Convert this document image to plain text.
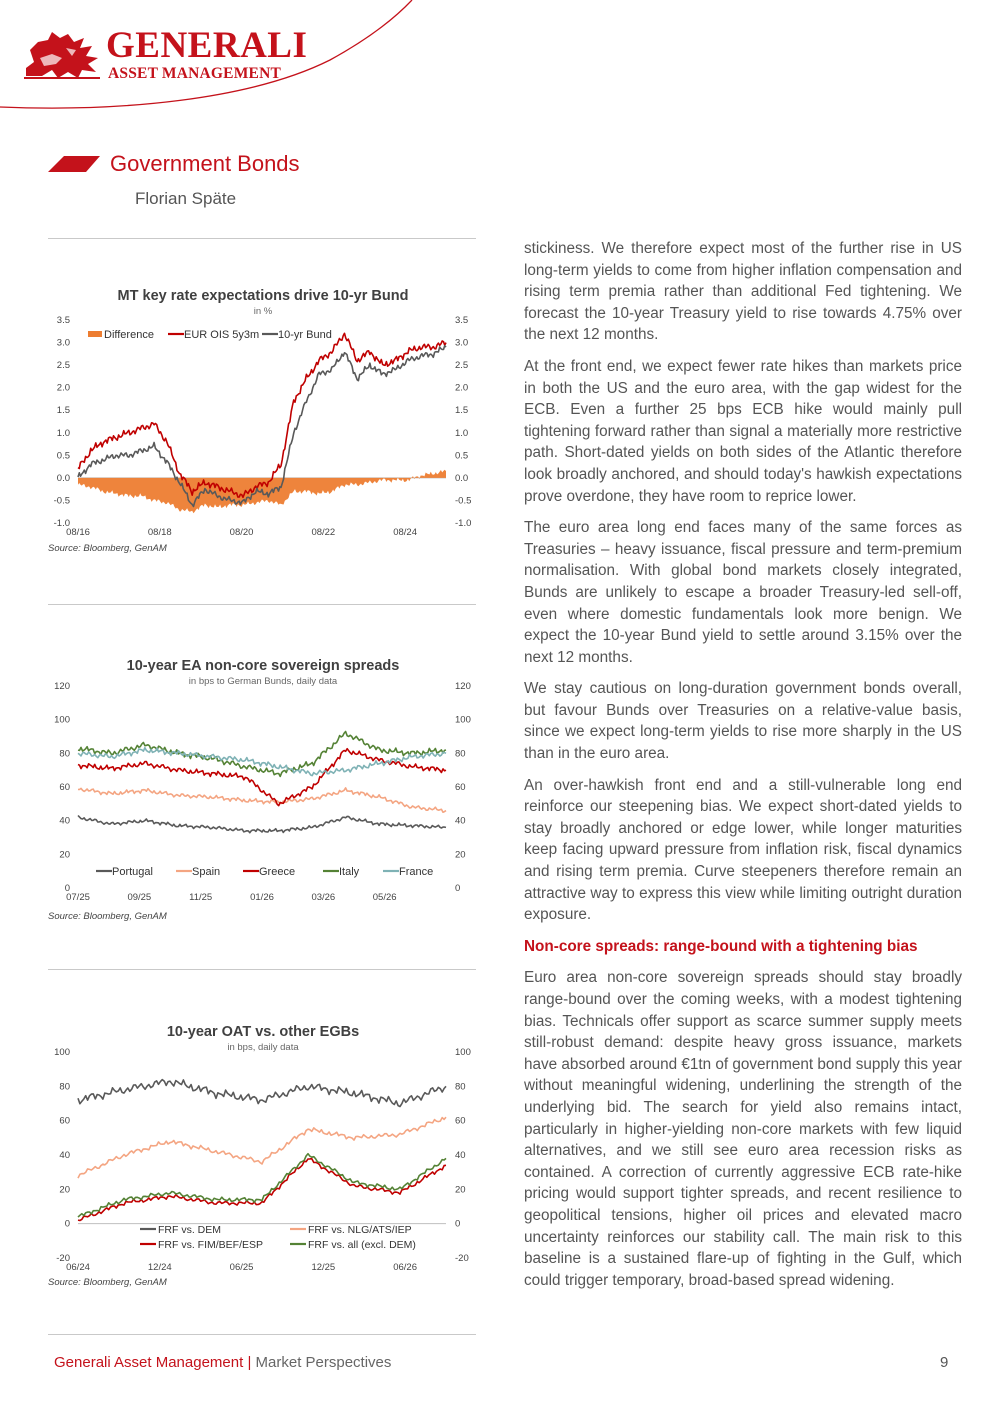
GENERALI
ASSET MANAGEMENT
Government Bonds
Florian Späte
MT key rate expectations drive 10-yr Bund
in %
3.5	3.5
3.0	3.0
2.5	2.5
2.0	2.0
1.5	1.5
1.0	1.0
0.5	0.5
0.0	0.0
-0.5	-0.5
-1.0	-1.0
08/16	08/18	08/20	08/22	08/24
Difference	EUR OIS 5y3m 10-yr Bund
Source: Bloomberg, GenAM
10-year EA non-core sovereign spreads
in bps to German Bunds, daily data
120	120
100	100
80	80
60	60
40	40
20	20
0	0
07/25	09/25	11/25	01/26	03/26	05/26
Portugal	Spain	Greece	Italy	France
Source: Bloomberg, GenAM
10-year OAT vs. other EGBs
in bps, daily data
100	100
80	80
60	60
40	40
20	20
0	0
-20	-20
06/24	12/24	06/25	12/25	06/26
FRF vs. DEM	FRF vs. NLG/ATS/IEP
FRF vs. FIM/BEF/ESP	FRF vs. all (excl. DEM)
Source: Bloomberg, GenAM

stickiness. We therefore expect most of the further rise in US long-term yields to come from higher inflation compensation and rising term premia rather than additional Fed tightening. We forecast the 10-year Treasury yield to rise towards 4.75% over the next 12 months.

At the front end, we expect fewer rate hikes than markets price in both the US and the euro area, with the gap widest for the ECB. Even a further 25 bps ECB hike would mainly pull tightening forward rather than signal a materially more restrictive path. Short-dated yields on both sides of the Atlantic therefore look broadly anchored, and should today's hawkish expectations prove overdone, they have room to reprice lower.

The euro area long end faces many of the same forces as Treasuries – heavy issuance, fiscal pressure and term-premium normalisation. With global bond markets closely integrated, Bunds are unlikely to escape a broader Treasury-led sell-off, even where domestic fundamentals look more benign. We expect the 10-year Bund yield to settle around 3.15% over the next 12 months.

We stay cautious on long-duration government bonds overall, but favour Bunds over Treasuries on a relative-value basis, since we expect long-term yields to rise more sharply in the US than in the euro area.

An over-hawkish front end and a still-vulnerable long end reinforce our steepening bias. We expect short-dated yields to stay broadly anchored or edge lower, while longer maturities keep facing upward pressure from inflation risk, fiscal dynamics and rising term premia. Curve steepeners therefore remain an attractive way to express this view while limiting outright duration exposure.

Non-core spreads: range-bound with a tightening bias

Euro area non-core sovereign spreads should stay broadly range-bound over the coming weeks, with a modest tightening bias. Technicals offer support as scarce summer supply meets still-robust demand: despite heavy gross issuance, markets have absorbed around €1tn of government bond supply this year without meaningful widening, underlining the strength of the underlying bid. The search for yield also remains intact, particularly in higher-yielding non-core markets with few liquid alternatives, and we still see euro area recession risks as contained. A correction of currently aggressive ECB rate-hike pricing would support tighter spreads, and recent resilience to geopolitical tensions, higher oil prices and elevated macro uncertainty reinforces our stability call. The main risk to this baseline is a sustained flare-up of fighting in the Gulf, which could trigger temporary, broad-based spread widening.

Generali Asset Management | Market Perspectives	9
